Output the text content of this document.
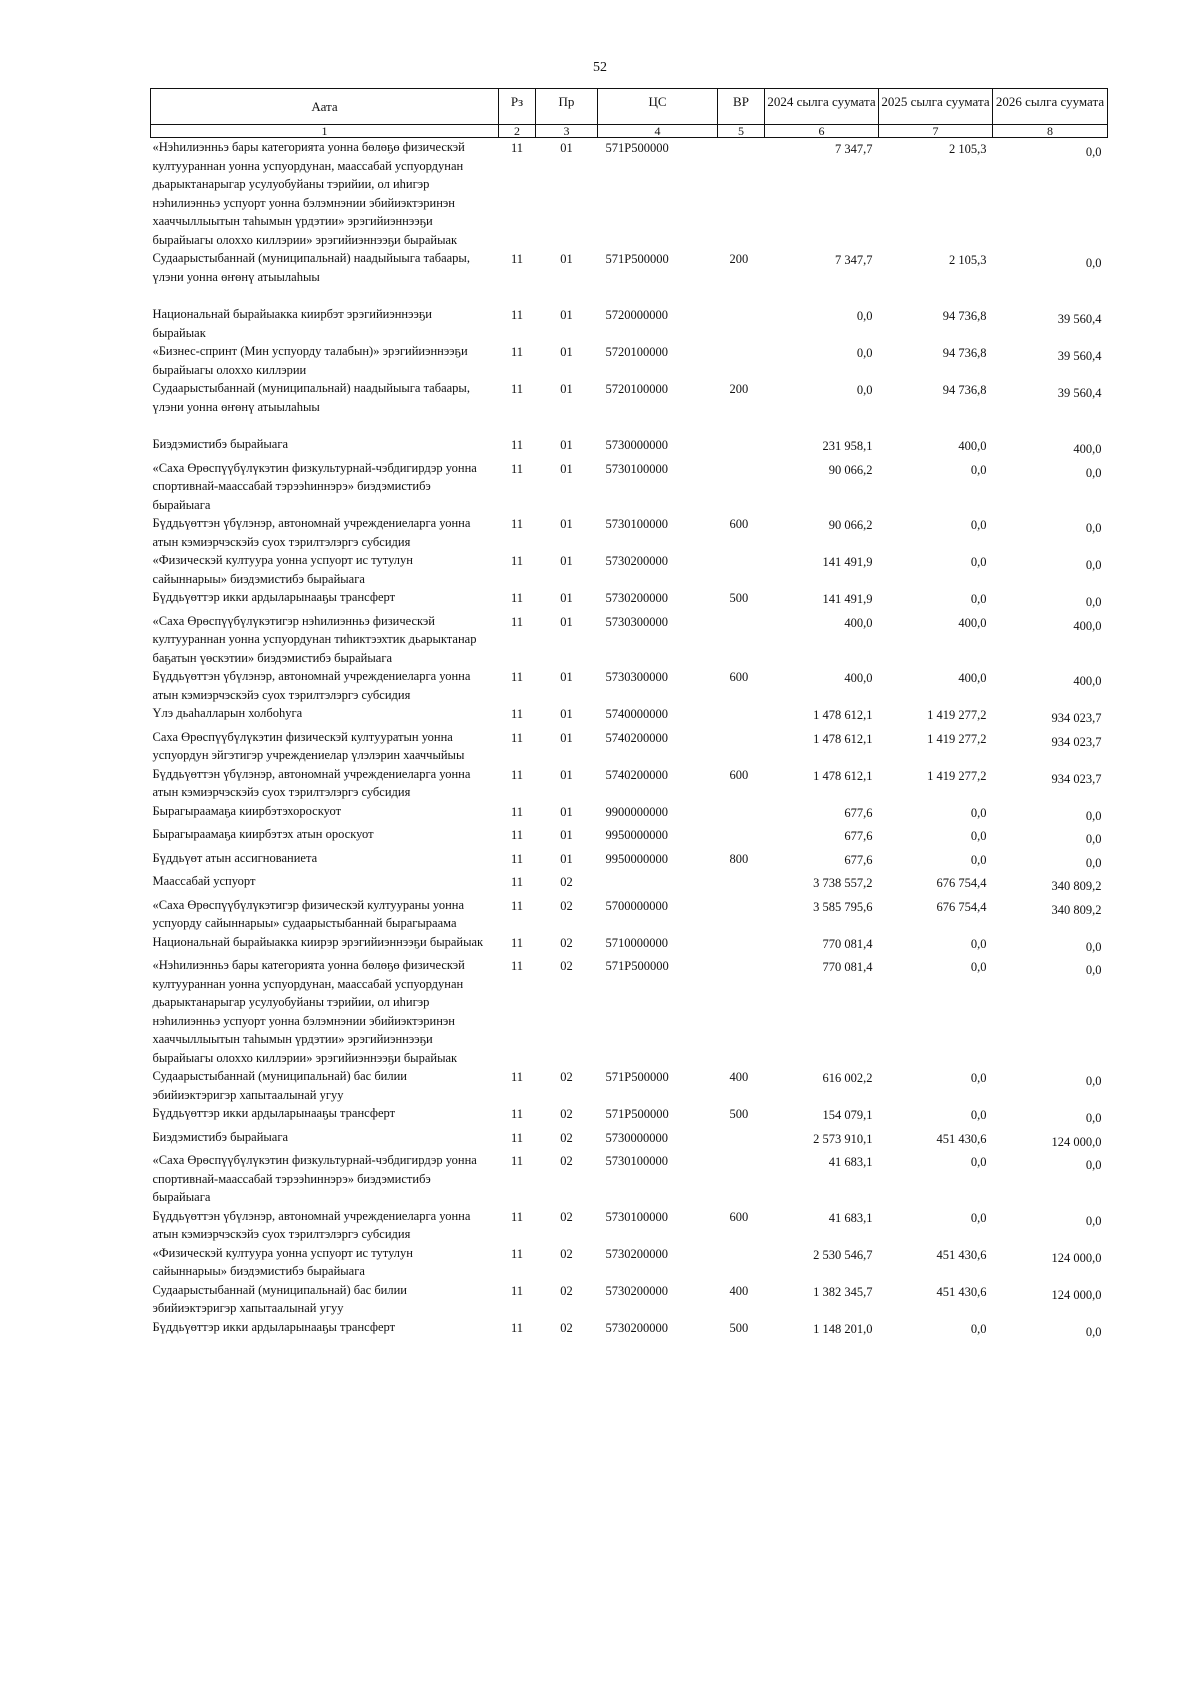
52
Аата	Рз	Пр	ЦС	ВР	2024 сылга суумата	2025 сылга суумата	2026 сылга суумата
1	2	3	4	5	6	7	8
«Нэһилиэнньэ бары категориятa уонна бөлөҕө физическэй култуураннан уонна успуордунан, маассабай успуордунан дьарыктанарыгар усулуобуйаны тэрийии, ол иһигэр нэһилиэнньэ успуорт уонна бэлэмнэнии эбийиэктэринэн хааччыллыытын таһымын үрдэтии» эрэгийиэннээҕи бырайыагы олоххо киллэрии» эрэгийиэннээҕи бырайыак	11	01	571P500000		7 347,7	2 105,3	0,0
Судаарыстыбаннай (муниципальнай) наадыйыыга табаары, үлэни уонна өҥөнү атыылаһыы	11	01	571P500000	200	7 347,7	2 105,3	0,0
Национальнай бырайыакка киирбэт эрэгийиэннээҕи бырайыак	11	01	5720000000		0,0	94 736,8	39 560,4
«Бизнес-спринт (Мин успуорду талабын)» эрэгийиэннээҕи бырайыагы олоххо киллэрии	11	01	5720100000		0,0	94 736,8	39 560,4
Судаарыстыбаннай (муниципальнай) наадыйыыга табаары, үлэни уонна өҥөнү атыылаһыы	11	01	5720100000	200	0,0	94 736,8	39 560,4
Биэдэмистибэ бырайыага	11	01	5730000000		231 958,1	400,0	400,0
«Саха Өрөспүүбүлүкэтин физкультурнай-чэбдигирдэр уонна спортивнай-маассабай тэрээһиннэрэ» биэдэмистибэ бырайыага	11	01	5730100000		90 066,2	0,0	0,0
Бүддьүөттэн үбүлэнэр, автономнай учреждениеларга уонна атын кэмиэрчэскэйэ суох тэрилтэлэргэ субсидия	11	01	5730100000	600	90 066,2	0,0	0,0
«Физическэй култуура уонна успуорт ис тутулун сайыннарыы» биэдэмистибэ бырайыага	11	01	5730200000		141 491,9	0,0	0,0
Бүддьүөттэр икки ардыларынааҕы трансферт	11	01	5730200000	500	141 491,9	0,0	0,0
«Саха Өрөспүүбүлүкэтигэр нэһилиэнньэ физическэй култуураннан уонна успуордунан тиһиктээхтик дьарыктанар баҕатын үөскэтии» биэдэмистибэ бырайыага	11	01	5730300000		400,0	400,0	400,0
Бүддьүөттэн үбүлэнэр, автономнай учреждениеларга уонна атын кэмиэрчэскэйэ суох тэрилтэлэргэ субсидия	11	01	5730300000	600	400,0	400,0	400,0
Үлэ дьаһалларын холбоһуга	11	01	5740000000		1 478 612,1	1 419 277,2	934 023,7
Саха Өрөспүүбүлүкэтин физическэй култууратын уонна успуордун эйгэтигэр учреждениелар үлэлэрин хааччыйыы	11	01	5740200000		1 478 612,1	1 419 277,2	934 023,7
Бүддьүөттэн үбүлэнэр, автономнай учреждениеларга уонна атын кэмиэрчэскэйэ суох тэрилтэлэргэ субсидия	11	01	5740200000	600	1 478 612,1	1 419 277,2	934 023,7
Бырагыраамаҕа киирбэтэхороскуот	11	01	9900000000		677,6	0,0	0,0
Бырагыраамаҕа киирбэтэх атын ороскуот	11	01	9950000000		677,6	0,0	0,0
Бүддьүөт атын ассигнованиета	11	01	9950000000	800	677,6	0,0	0,0
Маассабай успуорт	11	02			3 738 557,2	676 754,4	340 809,2
«Саха Өрөспүүбүлүкэтигэр физическэй култуураны уонна успуорду сайыннарыы» судаарыстыбаннай бырагыраама	11	02	5700000000		3 585 795,6	676 754,4	340 809,2
Национальнай бырайыакка киирэр эрэгийиэннээҕи бырайыак	11	02	5710000000		770 081,4	0,0	0,0
«Нэһилиэнньэ бары категориятa уонна бөлөҕө физическэй култуураннан уонна успуордунан, маассабай успуордунан дьарыктанарыгар усулуобуйаны тэрийии, ол иһигэр нэһилиэнньэ успуорт уонна бэлэмнэнии эбийиэктэринэн хааччыллыытын таһымын үрдэтии» эрэгийиэннээҕи бырайыагы олоххо киллэрии» эрэгийиэннээҕи бырайыак	11	02	571P500000		770 081,4	0,0	0,0
Судаарыстыбаннай (муниципальнай) бас билии эбийиэктэригэр хапытаалынай угуу	11	02	571P500000	400	616 002,2	0,0	0,0
Бүддьүөттэр икки ардыларынааҕы трансферт	11	02	571P500000	500	154 079,1	0,0	0,0
Биэдэмистибэ бырайыага	11	02	5730000000		2 573 910,1	451 430,6	124 000,0
«Саха Өрөспүүбүлүкэтин физкультурнай-чэбдигирдэр уонна спортивнай-маассабай тэрээһиннэрэ» биэдэмистибэ бырайыага	11	02	5730100000		41 683,1	0,0	0,0
Бүддьүөттэн үбүлэнэр, автономнай учреждениеларга уонна атын кэмиэрчэскэйэ суох тэрилтэлэргэ субсидия	11	02	5730100000	600	41 683,1	0,0	0,0
«Физическэй култуура уонна успуорт ис тутулун сайыннарыы» биэдэмистибэ бырайыага	11	02	5730200000		2 530 546,7	451 430,6	124 000,0
Судаарыстыбаннай (муниципальнай) бас билии эбийиэктэригэр хапытаалынай угуу	11	02	5730200000	400	1 382 345,7	451 430,6	124 000,0
Бүддьүөттэр икки ардыларынааҕы трансферт	11	02	5730200000	500	1 148 201,0	0,0	0,0
